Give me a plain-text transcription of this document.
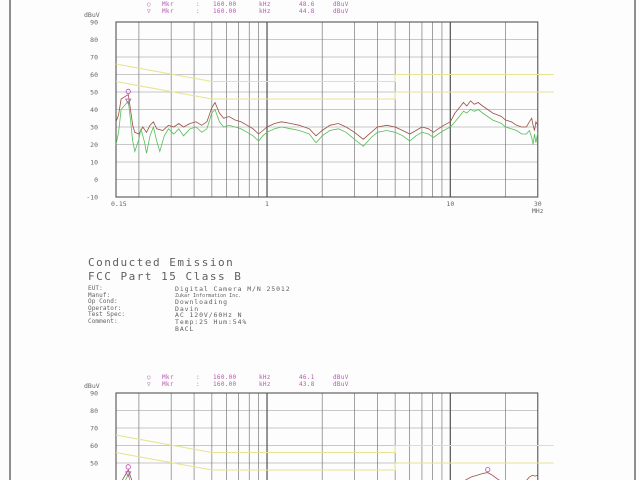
○	Mkr	:	160.00	kHz	48.6	dBuV
▽	Mkr	:	160.00	kHz	44.8	dBuV
dBuV
90
80
70
60
50
40
30
20
10
0
-10
0.15	1	10	30
MHz
Conducted Emission
FCC Part 15 Class B
EUT:	Digital Camera M/N 25012
Manuf:	Zukar Information Inc.
Op Cond:	Downloading
Operator:	Davin
Test Spec:	AC 120V/60Hz N
Comment:	Temp:25 Hum:54%
BACL
○	Mkr	:	160.00	kHz	46.1	dBuV
▽	Mkr	:	160.00	kHz	43.8	dBuV
dBuV
90
80
70
60
50
